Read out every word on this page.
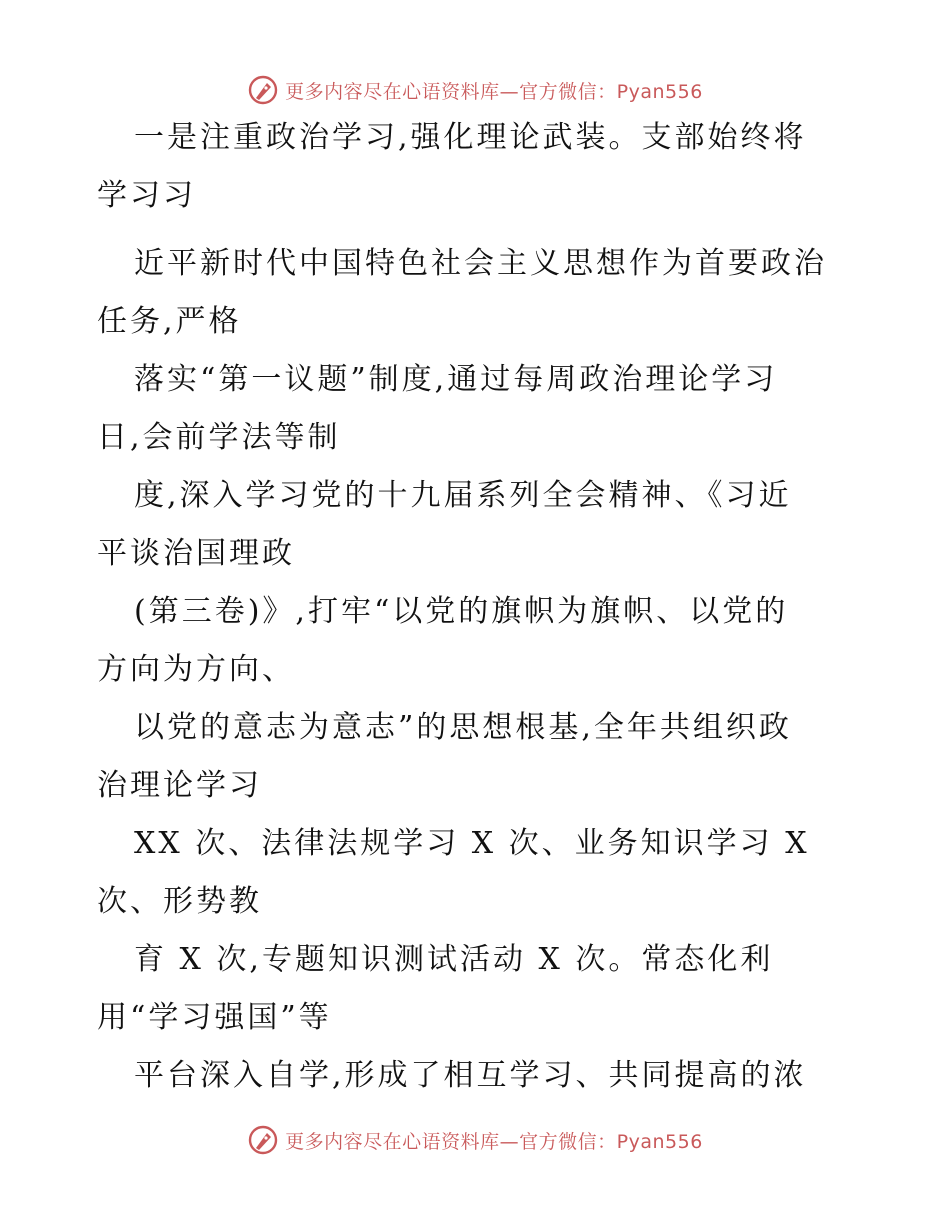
更多内容尽在心语资料库—官方微信：Pyan556
一是注重政治学习,强化理论武装。支部始终将
学习习
近平新时代中国特色社会主义思想作为首要政治
任务,严格
落实“第一议题”制度,通过每周政治理论学习
日,会前学法等制
度,深入学习党的十九届系列全会精神、《习近
平谈治国理政
(第三卷)》,打牢“以党的旗帜为旗帜、以党的
方向为方向、
以党的意志为意志”的思想根基,全年共组织政
治理论学习
XX 次、法律法规学习 X 次、业务知识学习 X
次、形势教
育 X 次,专题知识测试活动 X 次。常态化利
用“学习强国”等
平台深入自学,形成了相互学习、共同提高的浓
更多内容尽在心语资料库—官方微信：Pyan556
